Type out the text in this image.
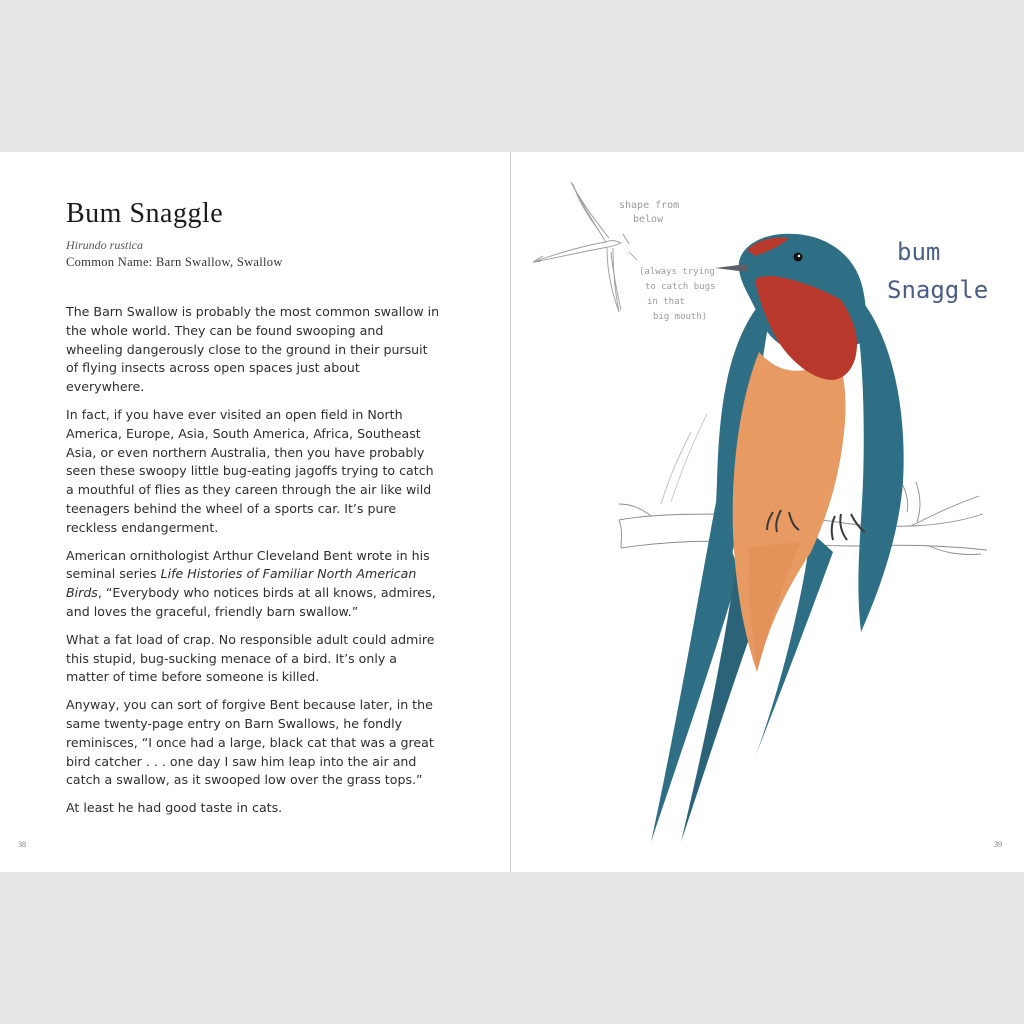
Bum Snaggle
Hirundo rustica
Common Name: Barn Swallow, Swallow

The Barn Swallow is probably the most common swallow in the whole world. They can be found swooping and wheeling dangerously close to the ground in their pursuit of flying insects across open spaces just about everywhere.

In fact, if you have ever visited an open field in North America, Europe, Asia, South America, Africa, Southeast Asia, or even northern Australia, then you have probably seen these swoopy little bug-eating jagoffs trying to catch a mouthful of flies as they careen through the air like wild teenagers behind the wheel of a sports car. It’s pure reckless endangerment.

American ornithologist Arthur Cleveland Bent wrote in his seminal series Life Histories of Familiar North American Birds, “Everybody who notices birds at all knows, admires, and loves the graceful, friendly barn swallow.”

What a fat load of crap. No responsible adult could admire this stupid, bug-sucking menace of a bird. It’s only a matter of time before someone is killed.

Anyway, you can sort of forgive Bent because later, in the same twenty-page entry on Barn Swallows, he fondly reminisces, “I once had a large, black cat that was a great bird catcher . . . one day I saw him leap into the air and catch a swallow, as it swooped low over the grass tops.”

At least he had good taste in cats.

38
shape from
below
(always trying
to catch bugs
in that
big mouth)
bum
Snaggle
39
